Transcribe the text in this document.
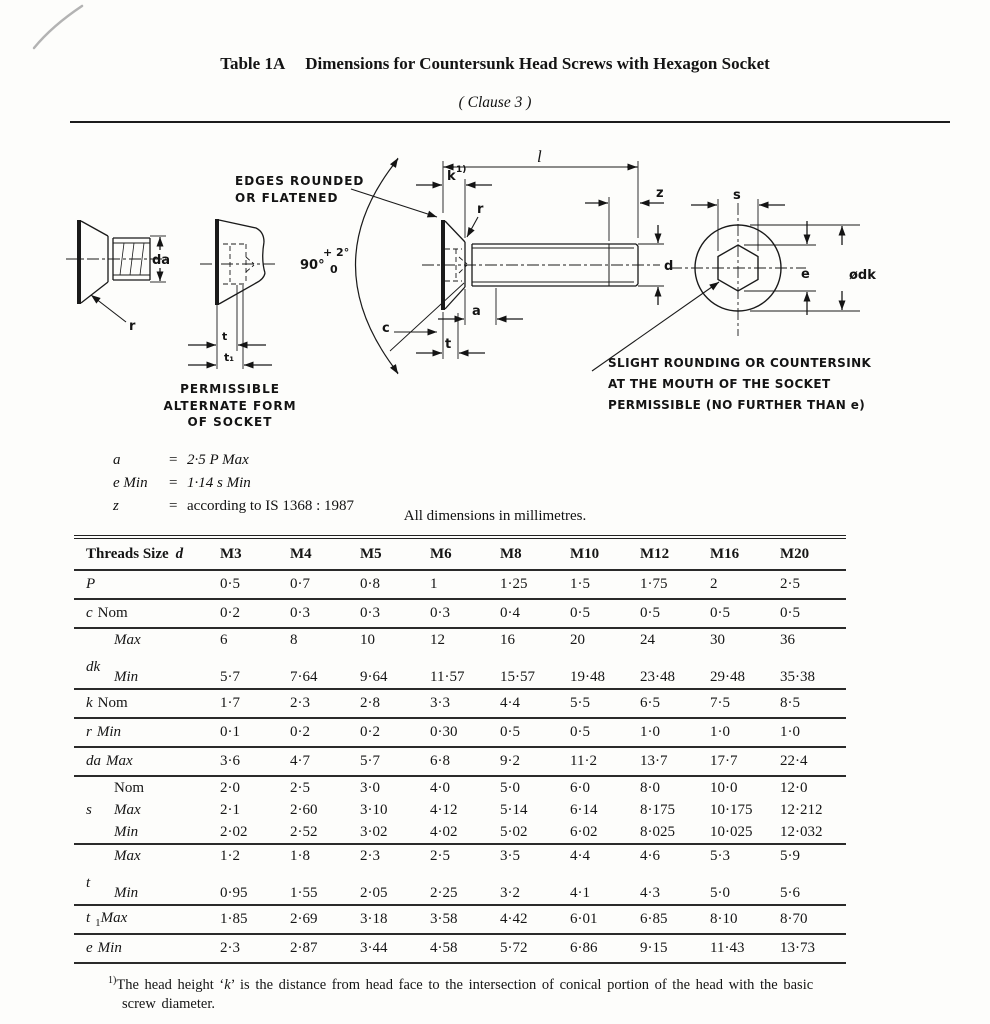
Table 1A Dimensions for Countersunk Head Screws with Hexagon Socket
( Clause 3 )
da
r
t
t₁
PERMISSIBLE
ALTERNATE FORM
OF SOCKET
EDGES ROUNDED
OR FLATENED
90°
+ 2°
0
l
k 1)
r
z
d
a
t
c
s
e	ødk
SLIGHT ROUNDING OR COUNTERSINK
AT THE MOUTH OF THE SOCKET
PERMISSIBLE (NO FURTHER THAN e)
a	= 2·5 P Max
e Min = 1·14 s Min
z	= according to IS 1368 : 1987
All dimensions in millimetres.
Threads Size d	M3	M4	M5	M6	M8	M10	M12	M16	M20
P	0·5	0·7	0·8	1	1·25	1·5	1·75	2	2·5
c Nom	0·2	0·3	0·3	0·3	0·4	0·5	0·5	0·5	0·5
Max	6	8	10	12	16	20	24	30	36
dk
Min	5·7	7·64	9·64	11·57	15·57	19·48	23·48	29·48	35·38
k Nom	1·7	2·3	2·8	3·3	4·4	5·5	6·5	7·5	8·5
r Min	0·1	0·2	0·2	0·30	0·5	0·5	1·0	1·0	1·0
da Max	3·6	4·7	5·7	6·8	9·2	11·2	13·7	17·7	22·4
Nom	2·0	2·5	3·0	4·0	5·0	6·0	8·0	10·0	12·0
s Max	2·1	2·60	3·10	4·12	5·14	6·14	8·175	10·175	12·212
Min	2·02	2·52	3·02	4·02	5·02	6·02	8·025	10·025	12·032
Max	1·2	1·8	2·3	2·5	3·5	4·4	4·6	5·3	5·9
t
Min	0·95	1·55	2·05	2·25	3·2	4·1	4·3	5·0	5·6
t $_1$Max	1·85	2·69	3·18	3·58	4·42	6·01	6·85	8·10	8·70
e Min	2·3	2·87	3·44	4·58	5·72	6·86	9·15	11·43	13·73
$^{1)}$The head height ‘k’ is the distance from head face to the intersection of conical portion of the head with the basic screw diameter.
